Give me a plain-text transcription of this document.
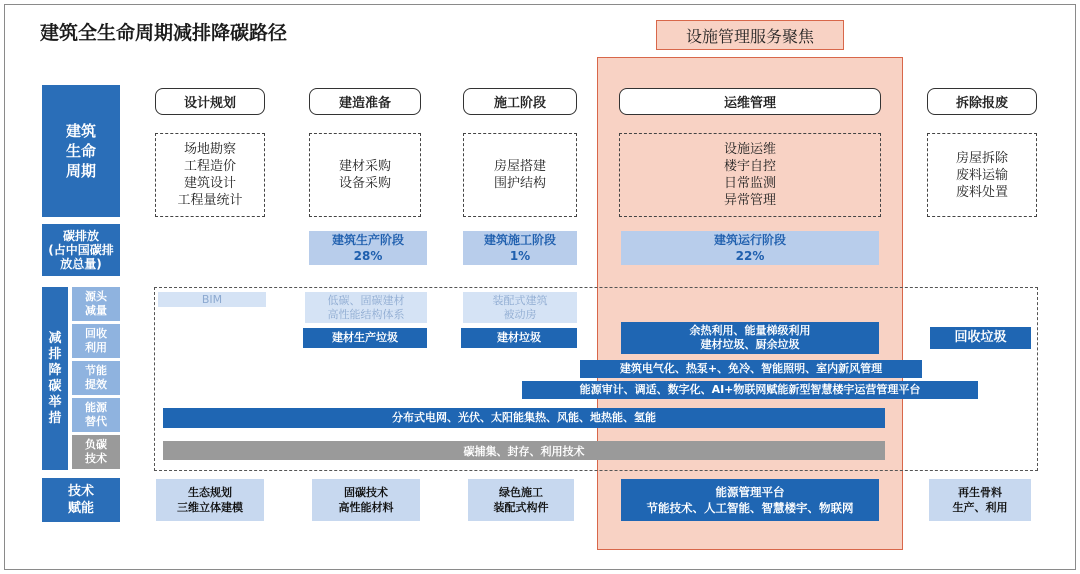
建筑全生命周期减排降碳路径	设施管理服务聚焦
建筑
生命
周期
碳排放
(占中国碳排
放总量)
减
排
降
碳
举
措
源头
减量
回收
利用
节能
提效
能源
替代
负碳
技术
技术
赋能
设计规划	建造准备	施工阶段	运维管理	拆除报废
场地勘察
工程造价
建筑设计
工程量统计
建材采购
设备采购
房屋搭建
围护结构
设施运维
楼宇自控
日常监测
异常管理
房屋拆除
废料运输
废料处置
建筑生产阶段
28%
建筑施工阶段
1%
建筑运行阶段
22%
BIM	低碳、固碳建材
高性能结构体系
装配式建筑
被动房
建材生产垃圾	建材垃圾
余热利用、能量梯级利用
建材垃圾、厨余垃圾	回收垃圾
建筑电气化、热泵+、免冷、智能照明、室内新风管理
能源审计、调适、数字化、AI+物联网赋能新型智慧楼宇运营管理平台
分布式电网、光伏、太阳能集热、风能、地热能、氢能
碳捕集、封存、利用技术
生态规划
三维立体建模
固碳技术
高性能材料
绿色施工
装配式构件
能源管理平台
节能技术、人工智能、智慧楼宇、物联网
再生骨料
生产、利用
